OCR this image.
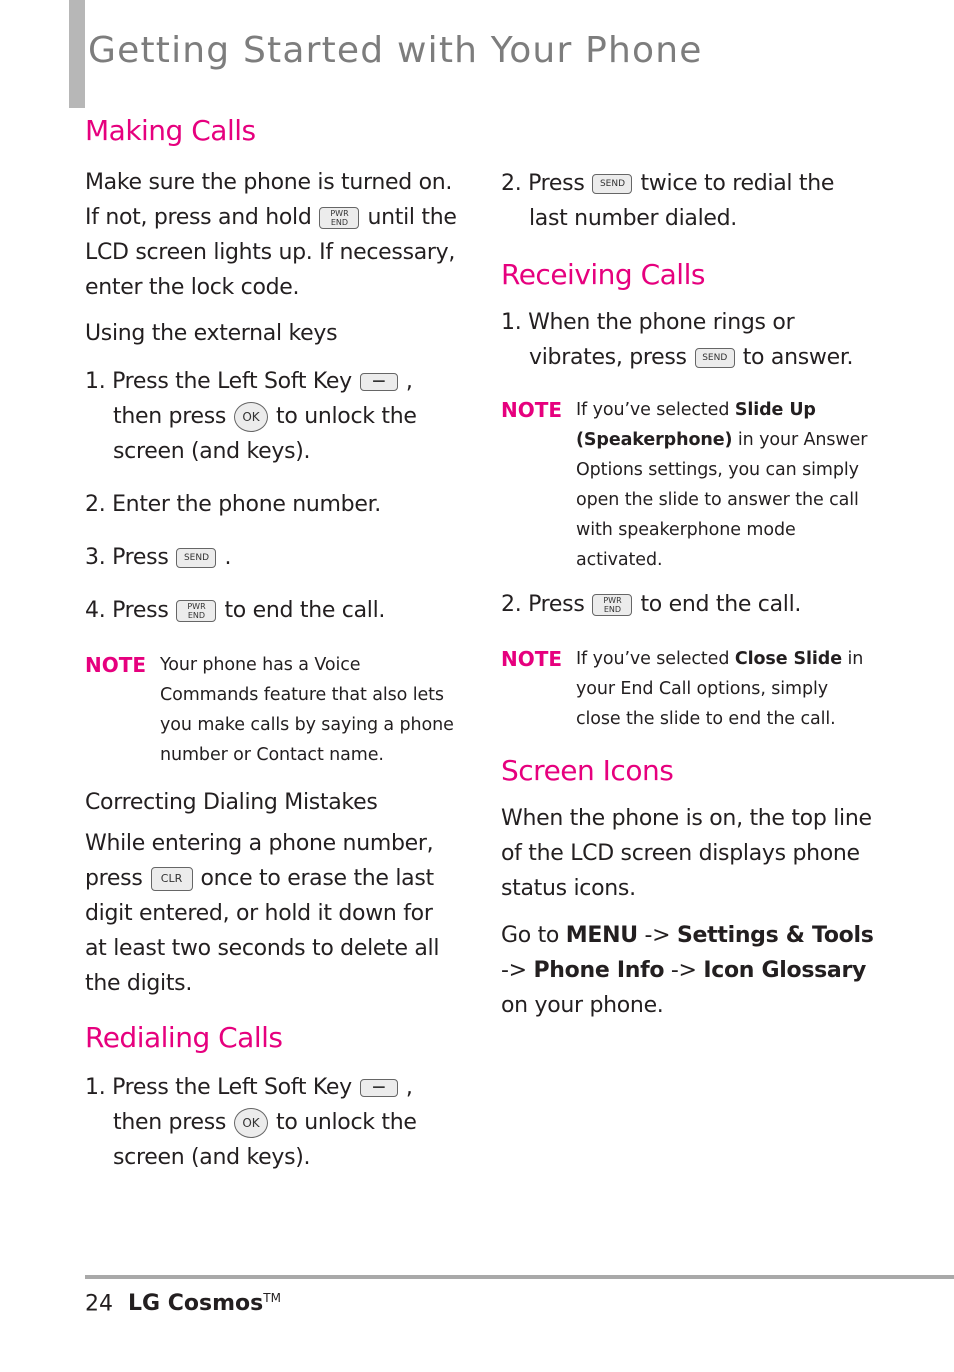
Getting Started with Your Phone
Making Calls

Make sure the phone is turned on. If not, press and hold PWR
END until the LCD screen lights up. If necessary, enter the lock code.

Using the external keys

1. Press the Left Soft Key — , then press OK to unlock the screen (and keys).

2. Enter the phone number.

3. Press SEND .

4. Press PWR
END to end the call.

NOTE Your phone has a Voice Commands feature that also lets you make calls by saying a phone number or Contact name.
Correcting Dialing Mistakes

While entering a phone number, press CLR once to erase the last digit entered, or hold it down for at least two seconds to delete all the digits.

Redialing Calls

1. Press the Left Soft Key — , then press OK to unlock the screen (and keys).

2. Press SEND twice to redial the last number dialed.

Receiving Calls

1. When the phone rings or vibrates, press SEND to answer.

NOTE If you’ve selected Slide Up (Speakerphone) in your Answer Options settings, you can simply open the slide to answer the call with speakerphone mode activated.

2. Press PWR
END to end the call.

NOTE If you’ve selected Close Slide in your End Call options, simply close the slide to end the call.
Screen Icons

When the phone is on, the top line of the LCD screen displays phone status icons.

Go to MENU -> Settings & Tools -> Phone Info -> Icon Glossary on your phone.

24 LG Cosmos™
